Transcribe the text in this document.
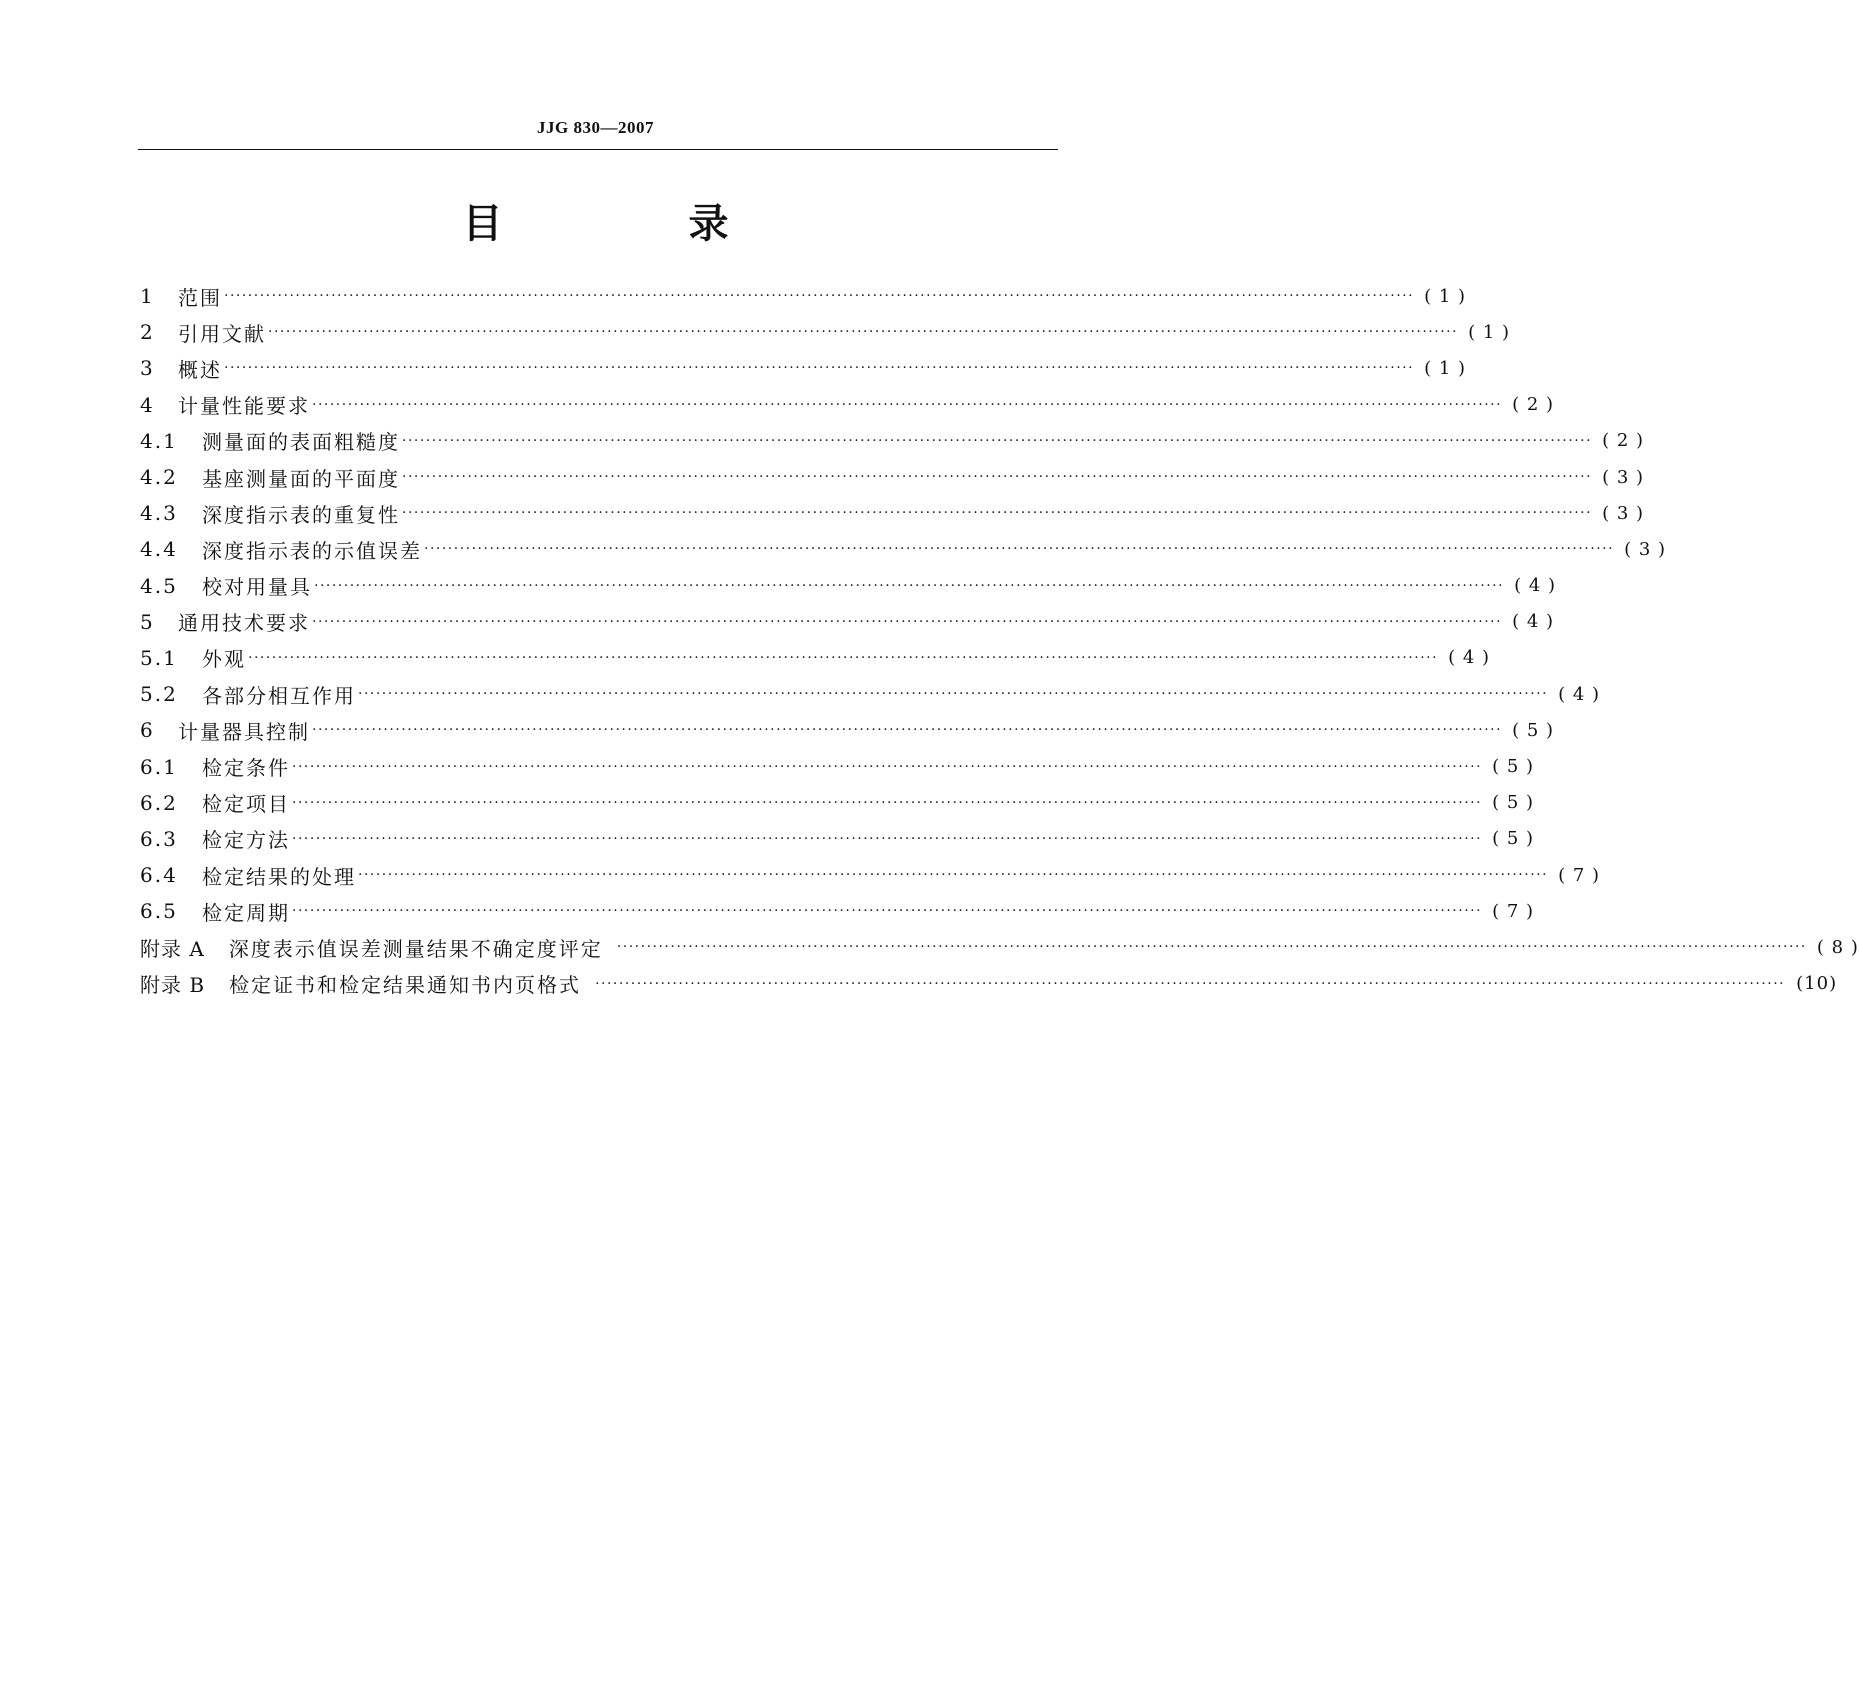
JJG 830—2007
目 录
1	范围 ········································································································································································································ ( 1 )
2	引用文献 ········································································································································································································ ( 1 )
3	概述 ········································································································································································································ ( 1 )
4	计量性能要求 ········································································································································································································ ( 2 )
4.1	测量面的表面粗糙度 ········································································································································································································ ( 2 )
4.2	基座测量面的平面度 ········································································································································································································ ( 3 )
4.3	深度指示表的重复性 ········································································································································································································ ( 3 )
4.4	深度指示表的示值误差 ········································································································································································································ ( 3 )
4.5	校对用量具 ········································································································································································································ ( 4 )
5	通用技术要求 ········································································································································································································ ( 4 )
5.1	外观 ········································································································································································································ ( 4 )
5.2	各部分相互作用 ········································································································································································································ ( 4 )
6	计量器具控制 ········································································································································································································ ( 5 )
6.1	检定条件 ········································································································································································································ ( 5 )
6.2	检定项目 ········································································································································································································ ( 5 )
6.3	检定方法 ········································································································································································································ ( 5 )
6.4	检定结果的处理 ········································································································································································································ ( 7 )
6.5	检定周期 ········································································································································································································ ( 7 )
附录 A 深度表示值误差测量结果不确定度评定 ········································································································································································································ ( 8 )
附录 B 检定证书和检定结果通知书内页格式 ········································································································································································································ (10)
